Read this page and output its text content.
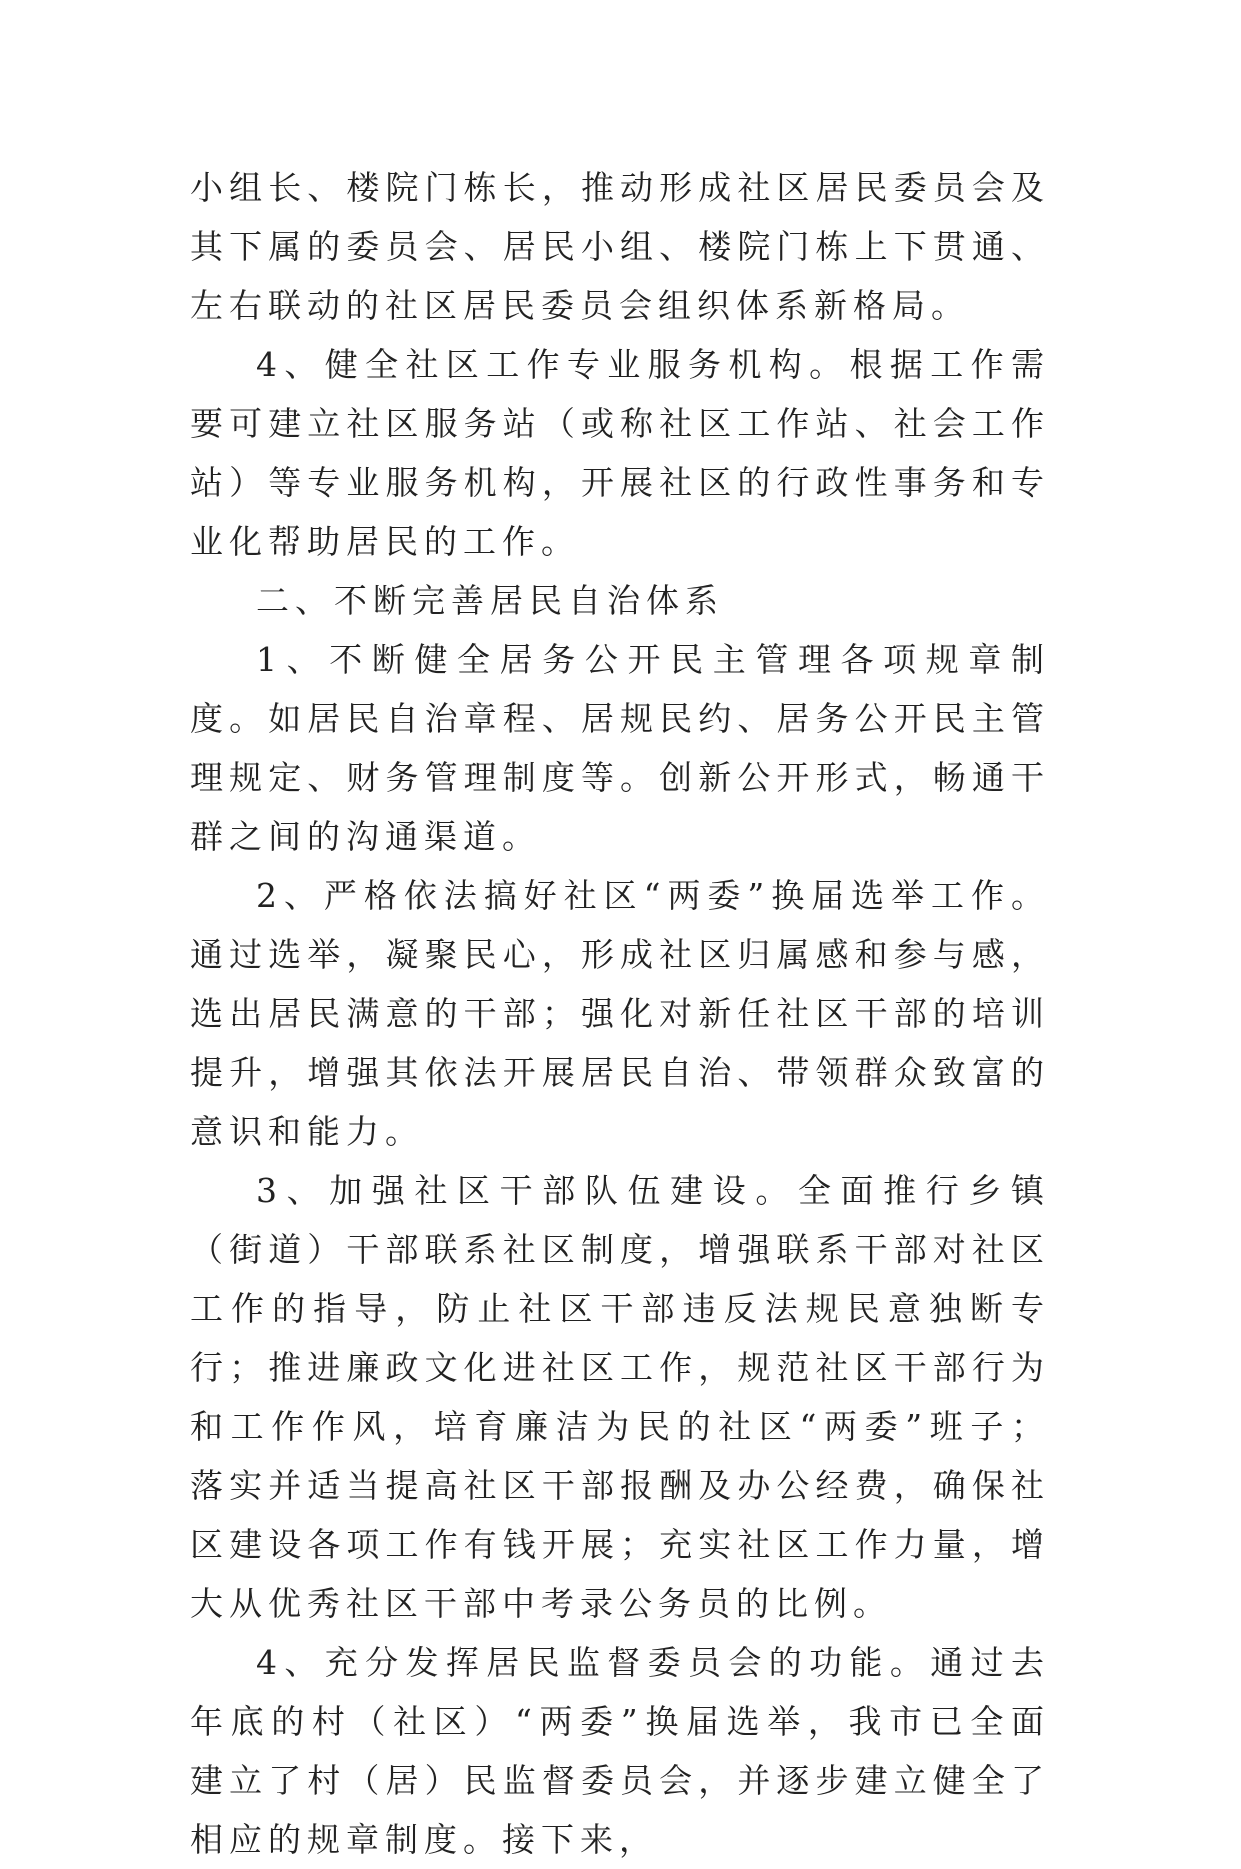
小组长、楼院门栋长，推动形成社区居民委员会及其下属的委员会、居民小组、楼院门栋上下贯通、左右联动的社区居民委员会组织体系新格局。

4、健全社区工作专业服务机构。根据工作需要可建立社区服务站（或称社区工作站、社会工作站）等专业服务机构，开展社区的行政性事务和专业化帮助居民的工作。

二、不断完善居民自治体系

1、不断健全居务公开民主管理各项规章制度。如居民自治章程、居规民约、居务公开民主管理规定、财务管理制度等。创新公开形式，畅通干群之间的沟通渠道。

2、严格依法搞好社区“两委”换届选举工作。通过选举，凝聚民心，形成社区归属感和参与感，选出居民满意的干部；强化对新任社区干部的培训提升，增强其依法开展居民自治、带领群众致富的意识和能力。

3、加强社区干部队伍建设。全面推行乡镇（街道）干部联系社区制度，增强联系干部对社区工作的指导，防止社区干部违反法规民意独断专行；推进廉政文化进社区工作，规范社区干部行为和工作作风，培育廉洁为民的社区“两委”班子；落实并适当提高社区干部报酬及办公经费，确保社区建设各项工作有钱开展；充实社区工作力量，增大从优秀社区干部中考录公务员的比例。

4、充分发挥居民监督委员会的功能。通过去年底的村（社区）“两委”换届选举，我市已全面建立了村（居）民监督委员会，并逐步建立健全了相应的规章制度。接下来，
